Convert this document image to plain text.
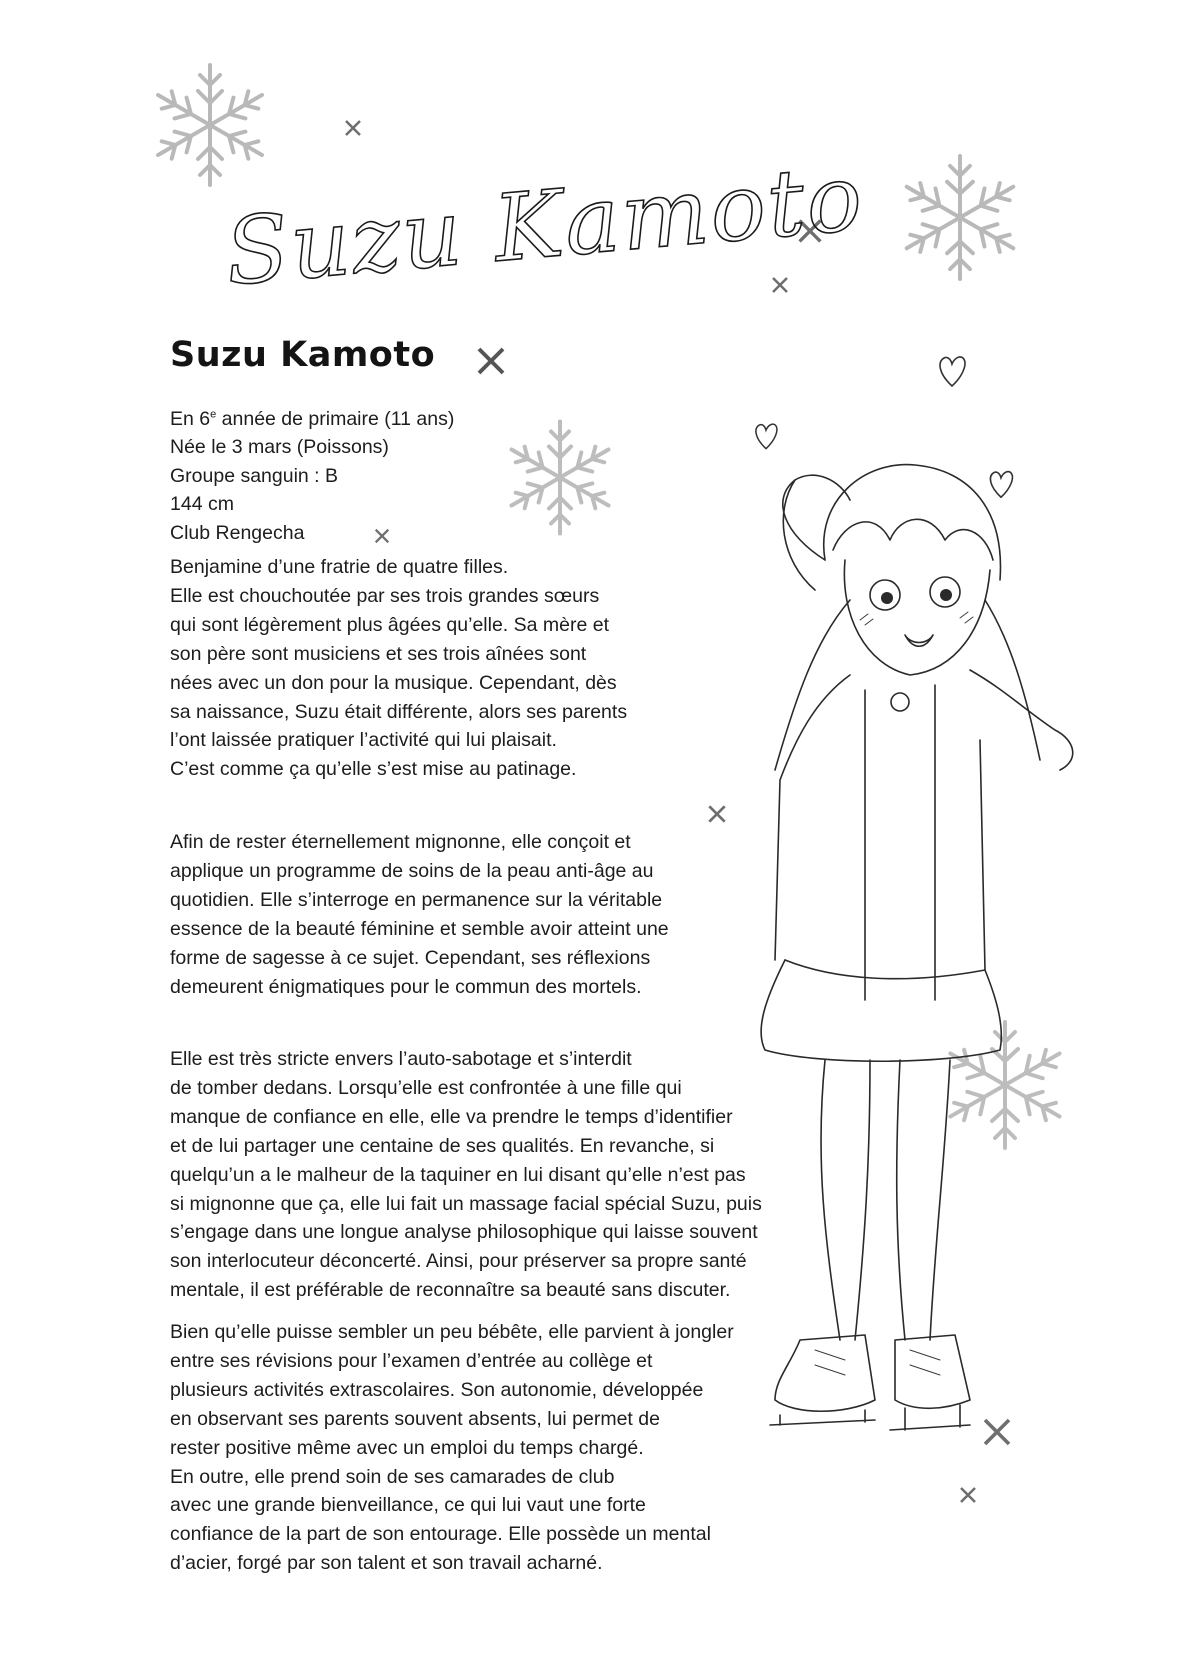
Suzu Kamoto
Suzu Kamoto
En 6e année de primaire (11 ans)
Née le 3 mars (Poissons)
Groupe sanguin : B
144 cm
Club Rengecha

Benjamine d’une fratrie de quatre filles.
Elle est chouchoutée par ses trois grandes sœurs
qui sont légèrement plus âgées qu’elle. Sa mère et
son père sont musiciens et ses trois aînées sont
nées avec un don pour la musique. Cependant, dès
sa naissance, Suzu était différente, alors ses parents
l’ont laissée pratiquer l’activité qui lui plaisait.
C’est comme ça qu’elle s’est mise au patinage.

Afin de rester éternellement mignonne, elle conçoit et
applique un programme de soins de la peau anti-âge au
quotidien. Elle s’interroge en permanence sur la véritable
essence de la beauté féminine et semble avoir atteint une
forme de sagesse à ce sujet. Cependant, ses réflexions
demeurent énigmatiques pour le commun des mortels.

Elle est très stricte envers l’auto-sabotage et s’interdit
de tomber dedans. Lorsqu’elle est confrontée à une fille qui
manque de confiance en elle, elle va prendre le temps d’identifier
et de lui partager une centaine de ses qualités. En revanche, si
quelqu’un a le malheur de la taquiner en lui disant qu’elle n’est pas
si mignonne que ça, elle lui fait un massage facial spécial Suzu, puis
s’engage dans une longue analyse philosophique qui laisse souvent
son interlocuteur déconcerté. Ainsi, pour préserver sa propre santé
mentale, il est préférable de reconnaître sa beauté sans discuter.

Bien qu’elle puisse sembler un peu bébête, elle parvient à jongler
entre ses révisions pour l’examen d’entrée au collège et
plusieurs activités extrascolaires. Son autonomie, développée
en observant ses parents souvent absents, lui permet de
rester positive même avec un emploi du temps chargé.
En outre, elle prend soin de ses camarades de club
avec une grande bienveillance, ce qui lui vaut une forte
confiance de la part de son entourage. Elle possède un mental
d’acier, forgé par son talent et son travail acharné.
